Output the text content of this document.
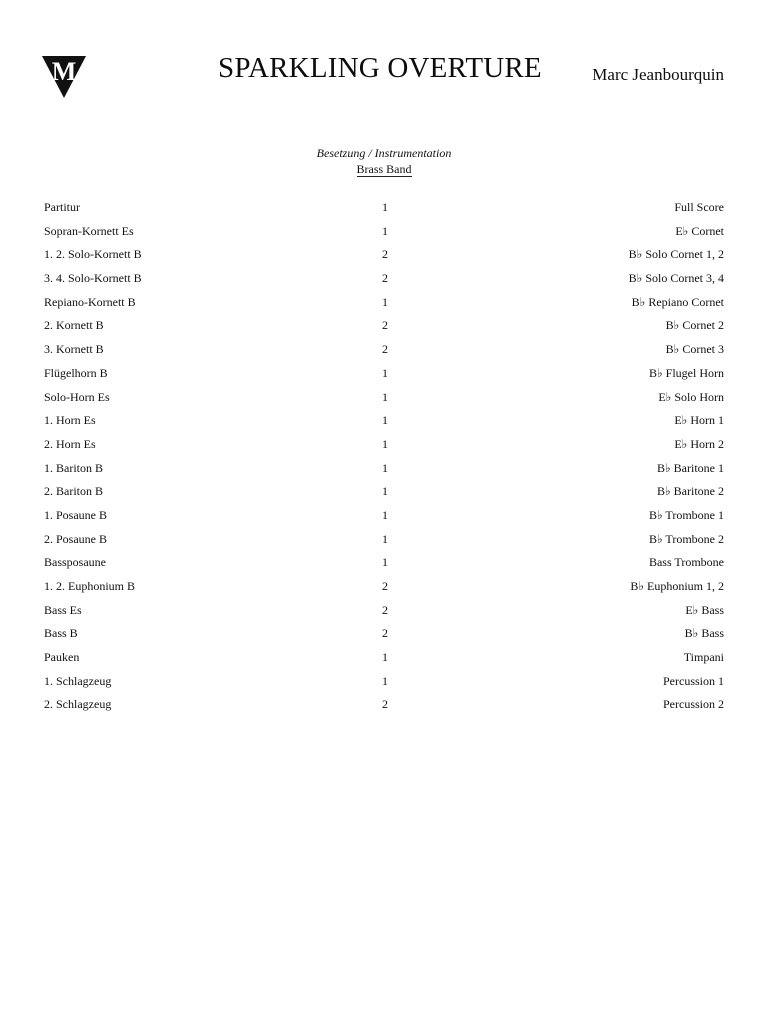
M	SPARKLING OVERTURE	Marc Jeanbourquin
Besetzung / Instrumentation
Brass Band
Partitur	1	Full Score
Sopran-Kornett Es	1	E♭ Cornet
1. 2. Solo-Kornett B	2	B♭ Solo Cornet 1, 2
3. 4. Solo-Kornett B	2	B♭ Solo Cornet 3, 4
Repiano-Kornett B	1	B♭ Repiano Cornet
2. Kornett B	2	B♭ Cornet 2
3. Kornett B	2	B♭ Cornet 3
Flügelhorn B	1	B♭ Flugel Horn
Solo-Horn Es	1	E♭ Solo Horn
1. Horn Es	1	E♭ Horn 1
2. Horn Es	1	E♭ Horn 2
1. Bariton B	1	B♭ Baritone 1
2. Bariton B	1	B♭ Baritone 2
1. Posaune B	1	B♭ Trombone 1
2. Posaune B	1	B♭ Trombone 2
Bassposaune	1	Bass Trombone
1. 2. Euphonium B	2	B♭ Euphonium 1, 2
Bass Es	2	E♭ Bass
Bass B	2	B♭ Bass
Pauken	1	Timpani
1. Schlagzeug	1	Percussion 1
2. Schlagzeug	2	Percussion 2
